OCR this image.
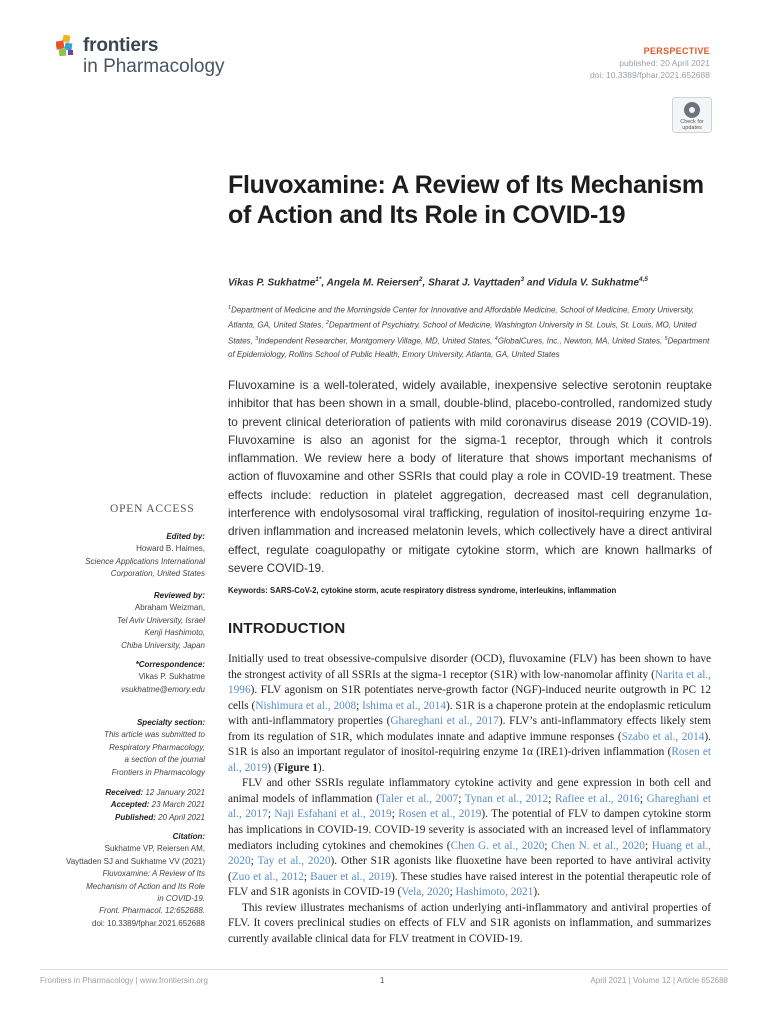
frontiers
in Pharmacology
PERSPECTIVE
published: 20 April 2021
doi: 10.3389/fphar.2021.652688
Check for updates
Fluvoxamine: A Review of Its Mechanism of Action and Its Role in COVID-19
Vikas P. Sukhatme$^{1*}$, Angela M. Reiersen$^2$, Sharat J. Vayttaden$^3$ and Vidula V. Sukhatme$^{4,5}$
$^1$Department of Medicine and the Morningside Center for Innovative and Affordable Medicine, School of Medicine, Emory University, Atlanta, GA, United States, $^2$Department of Psychiatry, School of Medicine, Washington University in St. Louis, St. Louis, MO, United States, $^3$Independent Researcher, Montgomery Village, MD, United States, $^4$GlobalCures, Inc., Newton, MA, United States, $^5$Department of Epidemiology, Rollins School of Public Health, Emory University, Atlanta, GA, United States
Fluvoxamine is a well-tolerated, widely available, inexpensive selective serotonin reuptake inhibitor that has been shown in a small, double-blind, placebo-controlled, randomized study to prevent clinical deterioration of patients with mild coronavirus disease 2019 (COVID-19). Fluvoxamine is also an agonist for the sigma-1 receptor, through which it controls inflammation. We review here a body of literature that shows important mechanisms of action of fluvoxamine and other SSRIs that could play a role in COVID-19 treatment. These effects include: reduction in platelet aggregation, decreased mast cell degranulation, interference with endolysosomal viral trafficking, regulation of inositol-requiring enzyme 1α-driven inflammation and increased melatonin levels, which collectively have a direct antiviral effect, regulate coagulopathy or mitigate cytokine storm, which are known hallmarks of severe COVID-19.
Keywords: SARS-CoV-2, cytokine storm, acute respiratory distress syndrome, interleukins, inflammation
OPEN ACCESS
Edited by:
Howard B. Haimes,
Science Applications International
Corporation, United States
Reviewed by:
Abraham Weizman,
Tel Aviv University, Israel
Kenji Hashimoto,
Chiba University, Japan
*Correspondence:
Vikas P. Sukhatme
vsukhatme@emory.edu
Specialty section:
This article was submitted to
Respiratory Pharmacology,
a section of the journal
Frontiers in Pharmacology
Received: 12 January 2021
Accepted: 23 March 2021
Published: 20 April 2021
Citation:
Sukhatme VP, Reiersen AM,
Vayttaden SJ and Sukhatme VV (2021)
Fluvoxamine: A Review of Its
Mechanism of Action and Its Role
in COVID-19.
Front. Pharmacol. 12:652688.
doi: 10.3389/fphar.2021.652688
INTRODUCTION

Initially used to treat obsessive-compulsive disorder (OCD), fluvoxamine (FLV) has been shown to have the strongest activity of all SSRIs at the sigma-1 receptor (S1R) with low-nanomolar affinity (Narita et al., 1996). FLV agonism on S1R potentiates nerve-growth factor (NGF)-induced neurite outgrowth in PC 12 cells (Nishimura et al., 2008; Ishima et al., 2014). S1R is a chaperone protein at the endoplasmic reticulum with anti-inflammatory properties (Ghareghani et al., 2017). FLV’s anti-inflammatory effects likely stem from its regulation of S1R, which modulates innate and adaptive immune responses (Szabo et al., 2014). S1R is also an important regulator of inositol-requiring enzyme 1α (IRE1)-driven inflammation (Rosen et al., 2019) (Figure 1).

FLV and other SSRIs regulate inflammatory cytokine activity and gene expression in both cell and animal models of inflammation (Taler et al., 2007; Tynan et al., 2012; Rafiee et al., 2016; Ghareghani et al., 2017; Naji Esfahani et al., 2019; Rosen et al., 2019). The potential of FLV to dampen cytokine storm has implications in COVID-19. COVID-19 severity is associated with an increased level of inflammatory mediators including cytokines and chemokines (Chen G. et al., 2020; Chen N. et al., 2020; Huang et al., 2020; Tay et al., 2020). Other S1R agonists like fluoxetine have been reported to have antiviral activity (Zuo et al., 2012; Bauer et al., 2019). These studies have raised interest in the potential therapeutic role of FLV and S1R agonists in COVID-19 (Vela, 2020; Hashimoto, 2021).

This review illustrates mechanisms of action underlying anti-inflammatory and antiviral properties of FLV. It covers preclinical studies on effects of FLV and S1R agonists on inflammation, and summarizes currently available clinical data for FLV treatment in COVID-19.

Frontiers in Pharmacology | www.frontiersin.org	1	April 2021 | Volume 12 | Article 652688
